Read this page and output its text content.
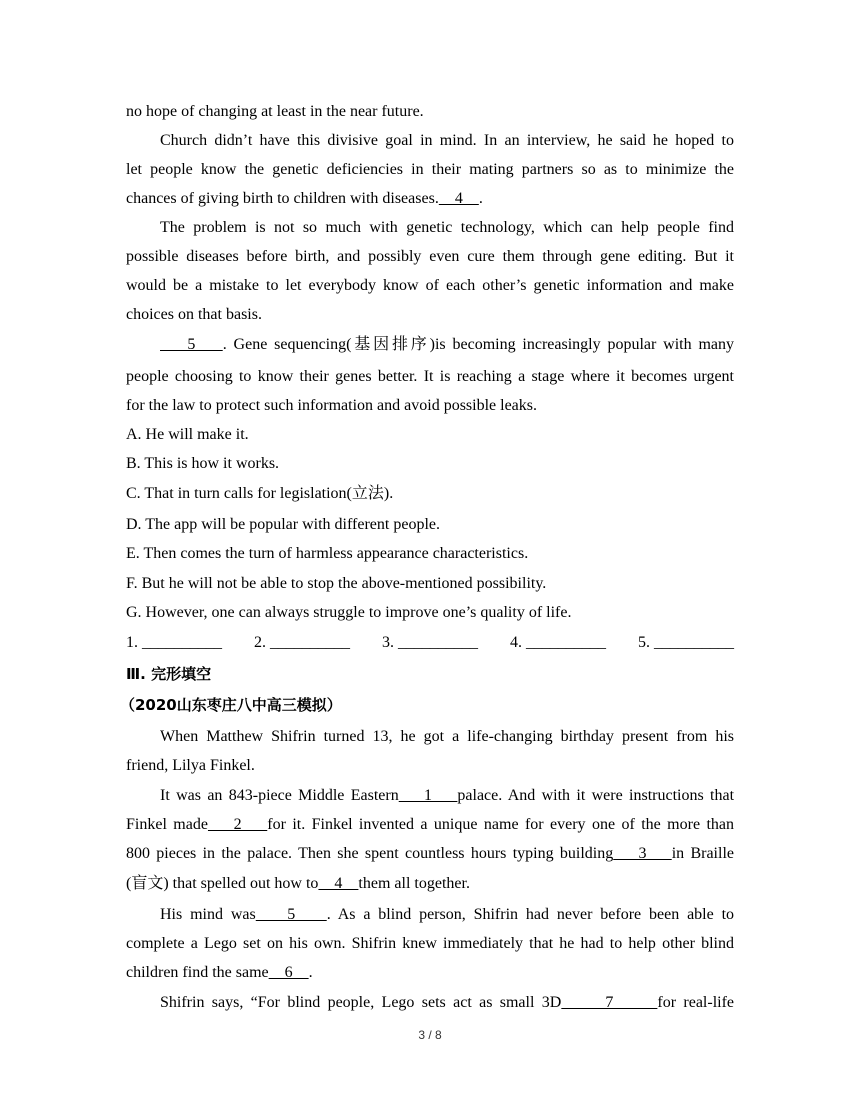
no hope of changing at least in the near future.
Church didn’t have this divisive goal in mind. In an interview, he said he hoped to
let people know the genetic deficiencies in their mating partners so as to minimize the
chances of giving birth to children with diseases.    4    .
The problem is not so much with genetic technology, which can help people find
possible diseases before birth, and possibly even cure them through gene editing. But it
would be a mistake to let everybody know of each other’s genetic information and make
choices on that basis.
5    . Gene sequencing(基因排序)is becoming increasingly popular with many
people choosing to know their genes better. It is reaching a stage where it becomes urgent
for the law to protect such information and avoid possible leaks.
A. He will make it.
B. This is how it works.
C. That in turn calls for legislation(立法).
D. The app will be popular with different people.
E. Then comes the turn of harmless appearance characteristics.
F. But he will not be able to stop the above-mentioned possibility.
G. However, one can always struggle to improve one’s quality of life.
1. __________ 2. __________ 3. __________ 4. __________ 5. __________
Ⅲ. 完形填空
（2020山东枣庄八中高三模拟）
When Matthew Shifrin turned 13, he got a life-changing birthday present from his
friend, Lilya Finkel.
It was an 843-piece Middle Eastern    1    palace. And with it were instructions that
Finkel made    2    for it. Finkel invented a unique name for every one of the more than
800 pieces in the palace. Then she spent countless hours typing building    3    in Braille
(盲文) that spelled out how to    4    them all together.
His mind was    5    . As a blind person, Shifrin had never before been able to
complete a Lego set on his own. Shifrin knew immediately that he had to help other blind
children find the same    6    .
Shifrin says, “For blind people, Lego sets act as small 3D      7      for real-life
3 / 8
